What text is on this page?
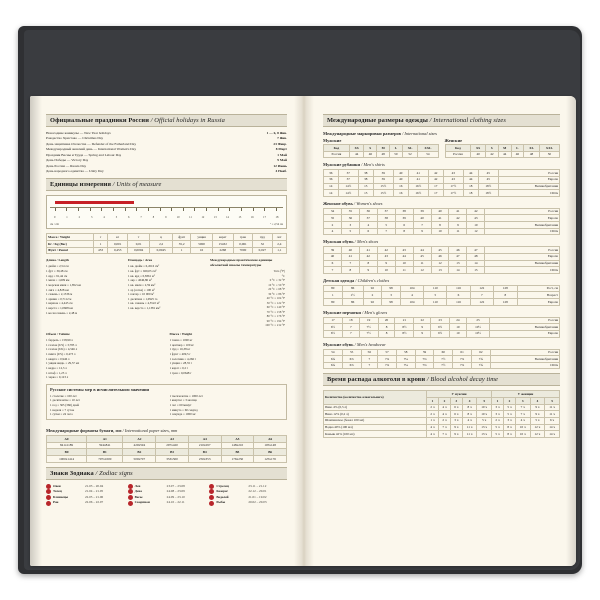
Официальные праздники России / Official holidays in Russia
Новогодние каникулы — New Year holidays	1 — 6, 8 Янв.
Рождество Христово — Christmas Day	7 Янв.
День защитника Отечества — Defender of the Fatherland Day	23 Февр.
Международный женский день — International Women's Day	8 Март
Праздник Весны и Труда — Spring and Labour Day	1 Май
День Победы — Victory Day	9 Май
День России — Russia Day	12 Июнь
День народного единства — Unity Day	4 Нояб.
Единицы измерения / Units of measure
0	1	2	3	4	5	6	7	8	9	10	11	12	13	14	15	16	17	18
см / cm	" = 2,54 см
Масса / Weight	г	кг	т	ц	фунт	унция	карат	гран	пуд	лот
Кг / Kg (Вес)	1	0,001	0,01	2,2	35,2	5000	15432	0,061	32	2,4
Фунт / Pound	453	0,453	0,0004	0,0045	1	16	2268	7000	0,027	1,1
Длина / Length
1 дюйм = 2,54 см
1 фут = 30,48 см
1 ярд = 91,44 см
1 миля = 1,609 км
1 морская миля = 1,852 км
1 лига = 4,828 км
1 сажень = 2,1336 м
1 аршин = 0,7112 м
1 вершок = 4,445 см
1 верста = 1,0668 км
1 косая сажень = 2,48 м
Площадь / Area
1 кв. дюйм = 6,4516 см²
1 кв. фут = 929,03 см²
1 кв. ярд = 0,8361 м²
1 акр = 4046,86 м²
1 кв. миля = 2,59 км²
1 ар (сотка) = 100 м²
1 гектар = 10 000 м²
1 десятина = 1,0925 га
1 кв. сажень = 4,5522 м²
1 кв. верста = 1,1381 км²
Международные практические единицы абсолютной шкалы температуры
Тяга (°F)
°C
0 °C = 32 °F
10 °C = 50 °F
20 °C = 68 °F
30 °C = 86 °F
40 °C = 104 °F
50 °C = 122 °F
60 °C = 140 °F
70 °C = 158 °F
80 °C = 176 °F
90 °C = 194 °F
100 °C = 212 °F
Объем / Volume
1 баррель = 158,99 л
1 галлон (US) = 3,785 л
1 галлон (UK) = 4,546 л
1 пинта (US) = 0,473 л
1 кварта = 0,946 л
1 унция жидк. = 29,57 мл
1 ведро = 12,3 л
1 штоф = 1,23 л
1 чарка = 0,123 л
Масса / Weight
1 тонна = 1000 кг
1 центнер = 100 кг
1 пуд = 16,38 кг
1 фунт = 409,5 г
1 золотник = 4,266 г
1 унция = 28,35 г
1 карат = 0,2 г
1 гран = 0,0648 г
Русские системы мер в исчислительном значении
1 столетие = 100 лет
1 десятилетие = 10 лет
1 год = 365 (366) дней
1 неделя = 7 суток
1 сутки = 24 часа
1 тысячелетие = 1000 лет
1 квартал = 3 месяца
1 час = 60 минут
1 минута = 60 секунд
1 секунда = 1000 мс
Международные форматы бумаги, мм / International paper sizes, mm
A0	A1	A2	A3	A4	A5	A6
841x1189	594x841	420x594	297x420	210x297	148x210	105x148
B0	B1	B2	B3	B4	B5	B6
1000x1414	707x1000	500x707	353x500	250x353	176x250	125x176
Знаки Зодиака / Zodiac signs
Овен	21.03 – 20.04
Телец	21.04 – 21.05
Близнецы	22.05 – 21.06
Рак	22.06 – 22.07
Лев	23.07 – 23.08
Дева	24.08 – 23.09
Весы	24.09 – 23.10
Скорпион	24.10 – 22.11
Стрелец	23.11 – 21.12
Козерог	22.12 – 20.01
Водолей	21.01 – 19.02
Рыбы	20.02 – 20.03
Международные размеры одежды / International clothing sizes
Международные маркировки размеров / International sizes
Мужские
Код	XS	S	M	L	XL	XXL
Россия	44	46	48	50	52	54
Женские
Код	XS	S	M	L	XL	XXL
Россия	40	42	44	46	48	50
Мужские рубашки / Men's shirts
36	37	38	39	40	41	42	43	44	45	Россия
36	37	38	39	40	41	42	43	44	45	Европа
14	14½	15	15½	16	16½	17	17½	18	18½	Великобритания
14	14½	15	15½	16	16½	17	17½	18	18½	США
Женские обувь / Women's shoes
34	35	36	37	38	39	40	41	42	Россия
35	36	37	38	39	40	41	42	43	Европа
2	3	4	5	6	7	8	9	10	Великобритания
4	5	6	7	8	9	10	11	12	США
Мужская обувь / Men's shoes
39	40	41	42	43	44	45	46	47	Россия
40	41	42	43	44	45	46	47	48	Европа
6	7	8	9	10	11	12	13	14	Великобритания
7	8	9	10	11	12	13	14	15	США
Детская одежда / Children's clothes
80	86	92	98	104	110	116	122	128	Рост, см
1	1½	2	3	4	5	6	7	8	Возраст
80	86	92	98	104	110	116	122	128	Европа
Мужские перчатки / Men's gloves
17	18	19	20	21	22	23	24	25	Россия
6½	7	7½	8	8½	9	9½	10	10½	Великобритания
6½	7	7½	8	8½	9	9½	10	10½	Европа
Мужские обувь / Men's headwear
54	55	56	57	58	59	60	61	62	Россия
6¾	6⅞	7	7⅛	7¼	7⅜	7½	7⅝	7¾	Великобритания
6¾	6⅞	7	7⅛	7¼	7⅜	7½	7⅝	7¾	США
Время распада алкоголя в крови / Blood alcohol decay time
Количество (количество алкогольного)	У мужчин					У женщин				
	1	2	3	4	5	1	2	3	4	5
Пиво 4% (0,5 л)	2 ч	4 ч	6 ч	8 ч	10 ч	3 ч	5 ч	7 ч	9 ч	11 ч
Вино 12% (0,2 л)	2 ч	4 ч	6 ч	8 ч	10 ч	3 ч	5 ч	7 ч	9 ч	11 ч
Шампанское (бокал 100 мл)	1 ч	2 ч	3 ч	4 ч	5 ч	2 ч	3 ч	4 ч	5 ч	6 ч
Водка 40% (100 мл)	4 ч	7 ч	9 ч	11 ч	13 ч	5 ч	8 ч	10 ч	12 ч	14 ч
Коньяк 42% (100 мл)	4 ч	7 ч	9 ч	11 ч	13 ч	5 ч	8 ч	10 ч	12 ч	14 ч
